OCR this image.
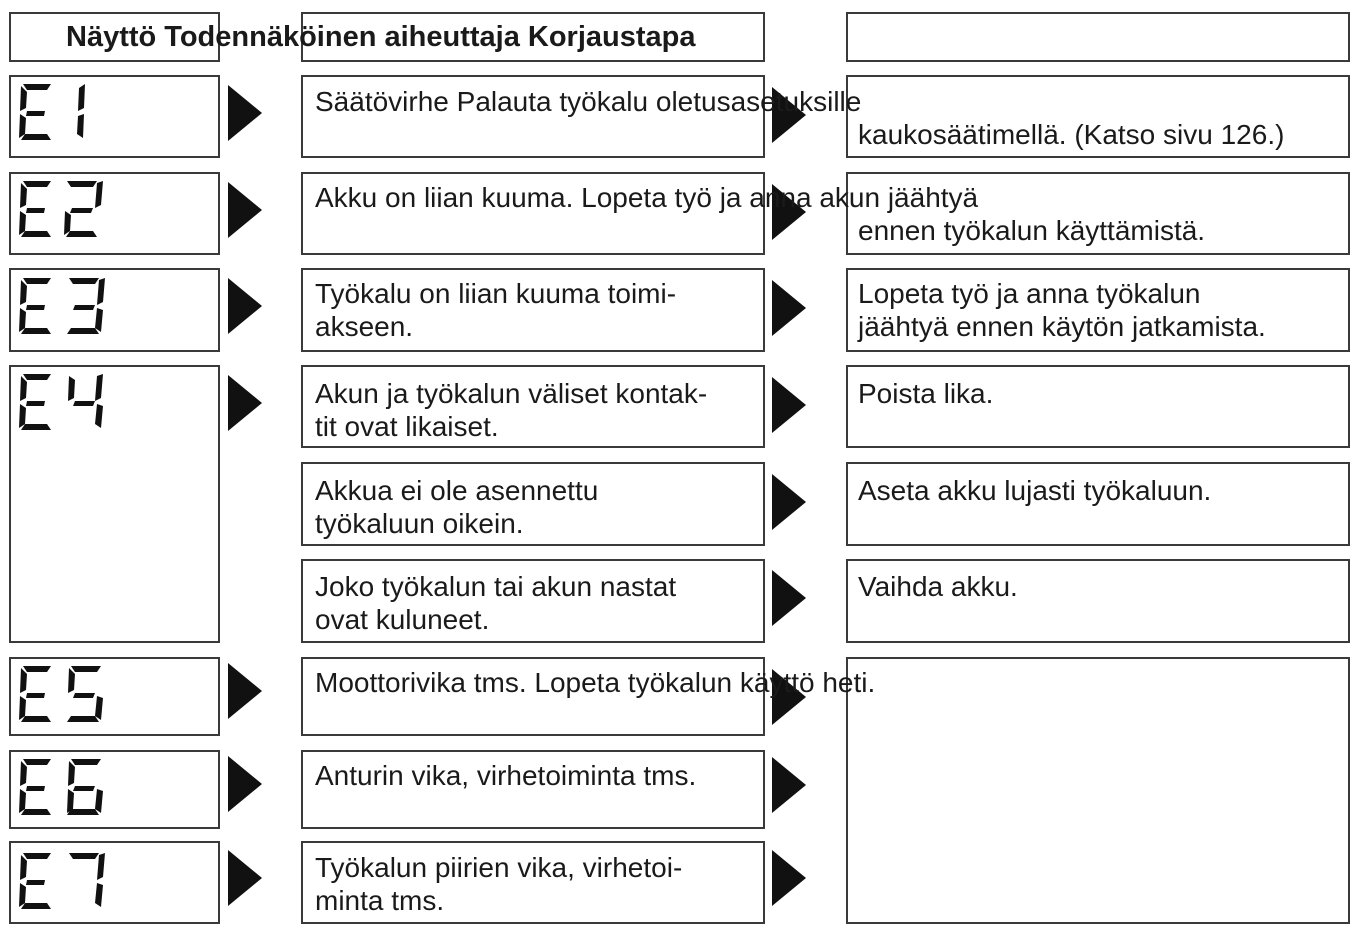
Näyttö Todennäköinen aiheuttaja Korjaustapa
Säätövirhe Palauta työkalu oletusasetuksille
kaukosäätimellä. (Katso sivu 126.)
Akku on liian kuuma. Lopeta työ ja anna akun jäähtyä
ennen työkalun käyttämistä.
Työkalu on liian kuuma toimi-
akseen.
Lopeta työ ja anna työkalun
jäähtyä ennen käytön jatkamista.
Akun ja työkalun väliset kontak-
tit ovat likaiset.
Poista lika.
Akkua ei ole asennettu
työkaluun oikein.
Aseta akku lujasti työkaluun.
Joko työkalun tai akun nastat
ovat kuluneet.
Vaihda akku.
Moottorivika tms. Lopeta työkalun käyttö heti.
Anturin vika, virhetoiminta tms.
Työkalun piirien vika, virhetoi-
minta tms.
